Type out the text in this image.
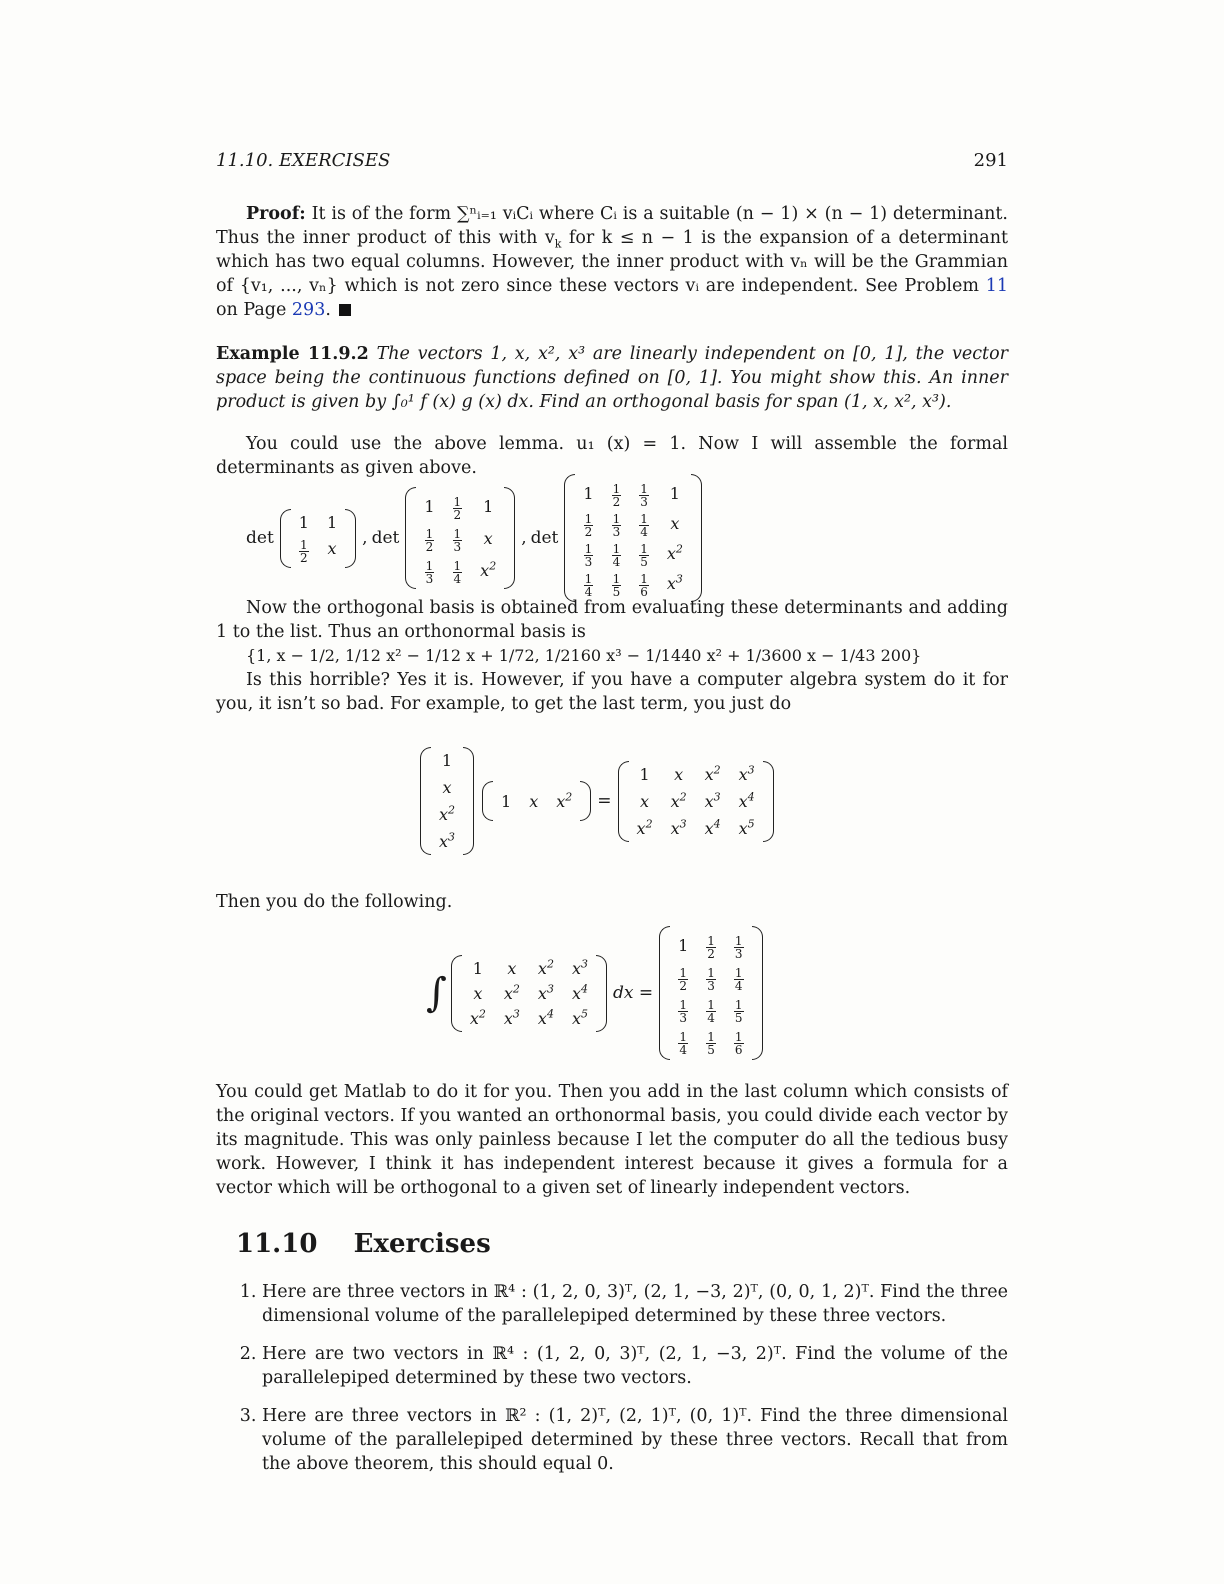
11.10. EXERCISES	291

Proof: It is of the form ∑ⁿᵢ₌₁ vᵢCᵢ where Cᵢ is a suitable (n − 1) × (n − 1) determinant. Thus the inner product of this with $v_k$ for k ≤ n − 1 is the expansion of a determinant which has two equal columns. However, the inner product with vₙ will be the Grammian of {v₁, ..., vₙ} which is not zero since these vectors vᵢ are independent. See Problem 11 on Page 293.

Example 11.9.2 The vectors 1, x, x², x³ are linearly independent on [0, 1], the vector space being the continuous functions defined on [0, 1]. You might show this. An inner product is given by ∫₀¹ f (x) g (x) dx. Find an orthogonal basis for span (1, x, x², x³).

You could use the above lemma. u₁ (x) = 1. Now I will assemble the formal determinants as given above.

det
1 1
$\frac{1}{2}$ x
, det
$1 \frac{1}{2} 1$
$\frac{1}{2} \frac{1}{3}$ x
$\frac{1}{3} \frac{1}{4} x^2$
, det
$1 \frac{1}{2} \frac{1}{3} 1$
$\frac{1}{2} \frac{1}{3} \frac{1}{4}$ x
$\frac{1}{3} \frac{1}{4} \frac{1}{5} x^2$
$\frac{1}{4} \frac{1}{5} \frac{1}{6} x^3$

Now the orthogonal basis is obtained from evaluating these determinants and adding 1 to the list. Thus an orthonormal basis is

{1, x − 1/2, 1/12 x² − 1/12 x + 1/72, 1/2160 x³ − 1/1440 x² + 1/3600 x − 1/43 200}

Is this horrible? Yes it is. However, if you have a computer algebra system do it for you, it isn’t so bad. For example, to get the last term, you just do

1
x
$x^2$
$x^3$
1 x $x^2$ =
1 x $x^2$ $x^3$
x $x^2$ $x^3$ $x^4$
$x^2$ $x^3$ $x^4$ $x^5$

Then you do the following.

∫
1 x $x^2$ $x^3$
x $x^2$ $x^3$ $x^4$
$x^2$ $x^3$ $x^4$ $x^5$
dx =
$1 \frac{1}{2} \frac{1}{3}$
$\frac{1}{2} \frac{1}{3} \frac{1}{4}$
$\frac{1}{3} \frac{1}{4} \frac{1}{5}$
$\frac{1}{4} \frac{1}{5} \frac{1}{6}$

You could get Matlab to do it for you. Then you add in the last column which consists of the original vectors. If you wanted an orthonormal basis, you could divide each vector by its magnitude. This was only painless because I let the computer do all the tedious busy work. However, I think it has independent interest because it gives a formula for a vector which will be orthogonal to a given set of linearly independent vectors.

11.10 Exercises
1. Here are three vectors in ℝ⁴ : (1, 2, 0, 3)ᵀ, (2, 1, −3, 2)ᵀ, (0, 0, 1, 2)ᵀ. Find the three dimensional volume of the parallelepiped determined by these three vectors.
2. Here are two vectors in ℝ⁴ : (1, 2, 0, 3)ᵀ, (2, 1, −3, 2)ᵀ. Find the volume of the parallelepiped determined by these two vectors.
3. Here are three vectors in ℝ² : (1, 2)ᵀ, (2, 1)ᵀ, (0, 1)ᵀ. Find the three dimensional volume of the parallelepiped determined by these three vectors. Recall that from the above theorem, this should equal 0.
